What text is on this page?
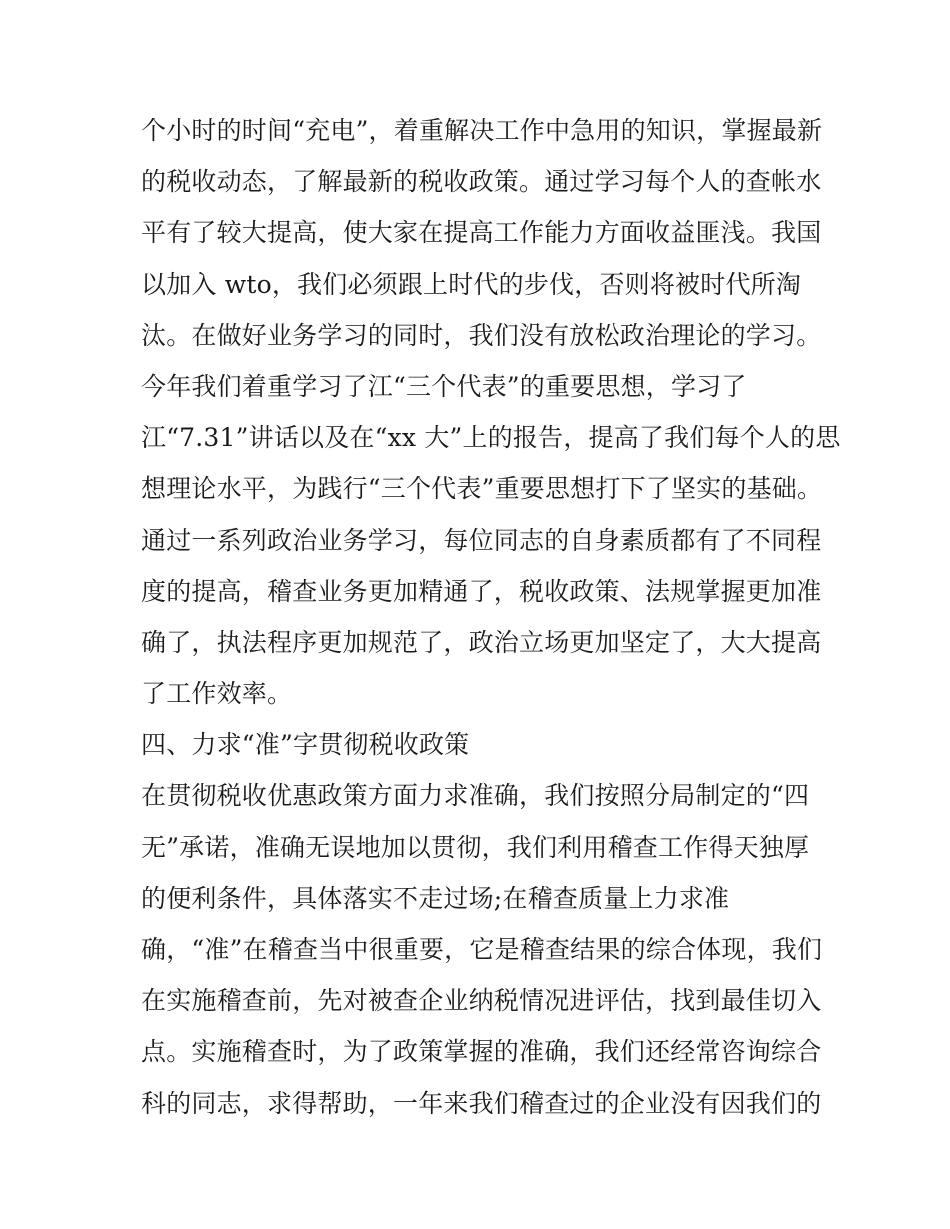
个小时的时间“充电”，着重解决工作中急用的知识，掌握最新
的税收动态，了解最新的税收政策。通过学习每个人的查帐水
平有了较大提高，使大家在提高工作能力方面收益匪浅。我国
以加入 wto，我们必须跟上时代的步伐，否则将被时代所淘
汰。在做好业务学习的同时，我们没有放松政治理论的学习。
今年我们着重学习了江“三个代表”的重要思想，学习了
江“7.31”讲话以及在“xx 大”上的报告，提高了我们每个人的思
想理论水平，为践行“三个代表”重要思想打下了坚实的基础。
通过一系列政治业务学习，每位同志的自身素质都有了不同程
度的提高，稽查业务更加精通了，税收政策、法规掌握更加准
确了，执法程序更加规范了，政治立场更加坚定了，大大提高
了工作效率。
四、力求“准”字贯彻税收政策
在贯彻税收优惠政策方面力求准确，我们按照分局制定的“四
无”承诺，准确无误地加以贯彻，我们利用稽查工作得天独厚
的便利条件，具体落实不走过场;在稽查质量上力求准
确，“准”在稽查当中很重要，它是稽查结果的综合体现，我们
在实施稽查前，先对被查企业纳税情况进评估，找到最佳切入
点。实施稽查时，为了政策掌握的准确，我们还经常咨询综合
科的同志，求得帮助，一年来我们稽查过的企业没有因我们的
